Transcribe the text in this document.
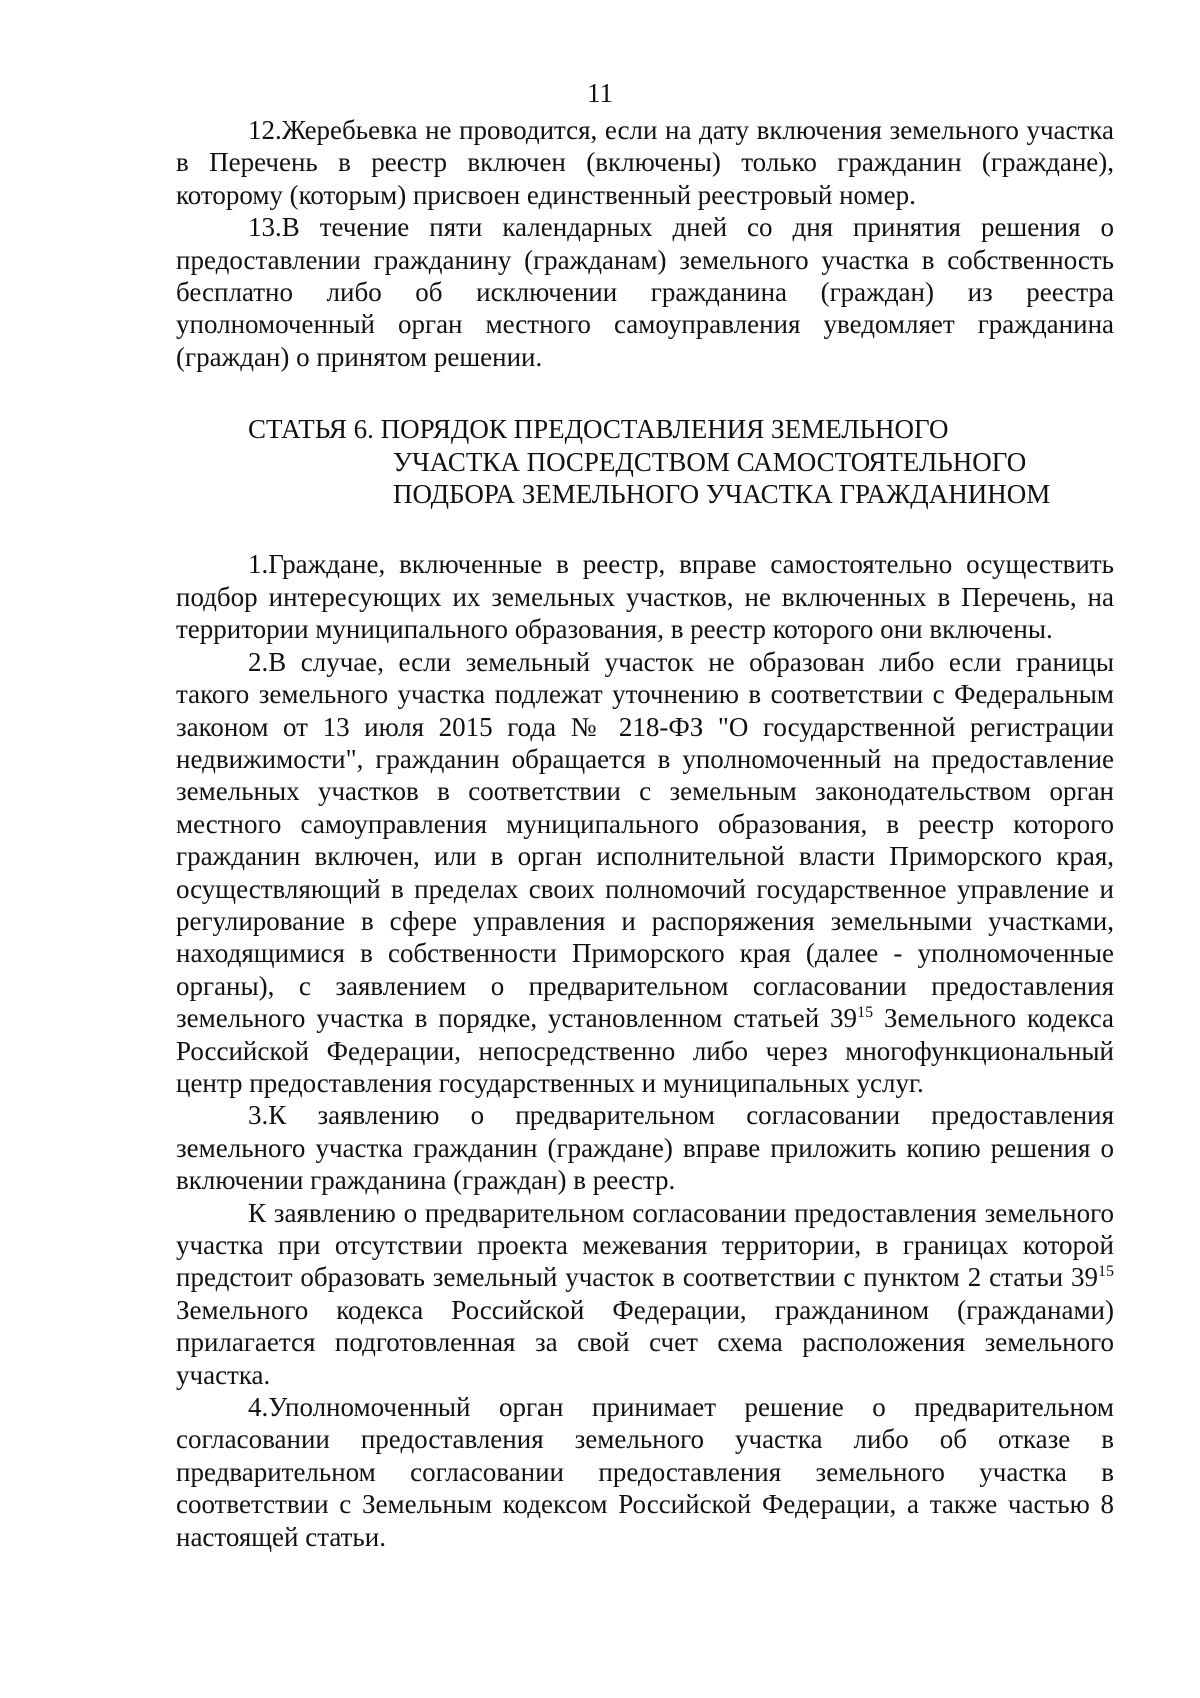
11

12.Жеребьевка не проводится, если на дату включения земельного участка в Перечень в реестр включен (включены) только гражданин (граждане), которому (которым) присвоен единственный реестровый номер.

13.В течение пяти календарных дней со дня принятия решения о предоставлении гражданину (гражданам) земельного участка в собственность бесплатно либо об исключении гражданина (граждан) из реестра уполномоченный орган местного самоуправления уведомляет гражданина (граждан) о принятом решении.

СТАТЬЯ 6. ПОРЯДОК ПРЕДОСТАВЛЕНИЯ ЗЕМЕЛЬНОГО
УЧАСТКА ПОСРЕДСТВОМ САМОСТОЯТЕЛЬНОГО
ПОДБОРА ЗЕМЕЛЬНОГО УЧАСТКА ГРАЖДАНИНОМ

1.Граждане, включенные в реестр, вправе самостоятельно осуществить подбор интересующих их земельных участков, не включенных в Перечень, на территории муниципального образования, в реестр которого они включены.

2.В случае, если земельный участок не образован либо если границы такого земельного участка подлежат уточнению в соответствии с Федеральным законом от 13 июля 2015 года № 218-ФЗ "О государственной регистрации недвижимости", гражданин обращается в уполномоченный на предоставление земельных участков в соответствии с земельным законодательством орган местного самоуправления муниципального образования, в реестр которого гражданин включен, или в орган исполнительной власти Приморского края, осуществляющий в пределах своих полномочий государственное управление и регулирование в сфере управления и распоряжения земельными участками, находящимися в собственности Приморского края (далее - уполномоченные органы), с заявлением о предварительном согласовании предоставления земельного участка в порядке, установленном статьей $39^{15}$ Земельного кодекса Российской Федерации, непосредственно либо через многофункциональный центр предоставления государственных и муниципальных услуг.

3.К заявлению о предварительном согласовании предоставления земельного участка гражданин (граждане) вправе приложить копию решения о включении гражданина (граждан) в реестр.

К заявлению о предварительном согласовании предоставления земельного участка при отсутствии проекта межевания территории, в границах которой предстоит образовать земельный участок в соответствии с пунктом 2 статьи $39^{15}$ Земельного кодекса Российской Федерации, гражданином (гражданами) прилагается подготовленная за свой счет схема расположения земельного участка.

4.Уполномоченный орган принимает решение о предварительном согласовании предоставления земельного участка либо об отказе в предварительном согласовании предоставления земельного участка в соответствии с Земельным кодексом Российской Федерации, а также частью 8 настоящей статьи.
